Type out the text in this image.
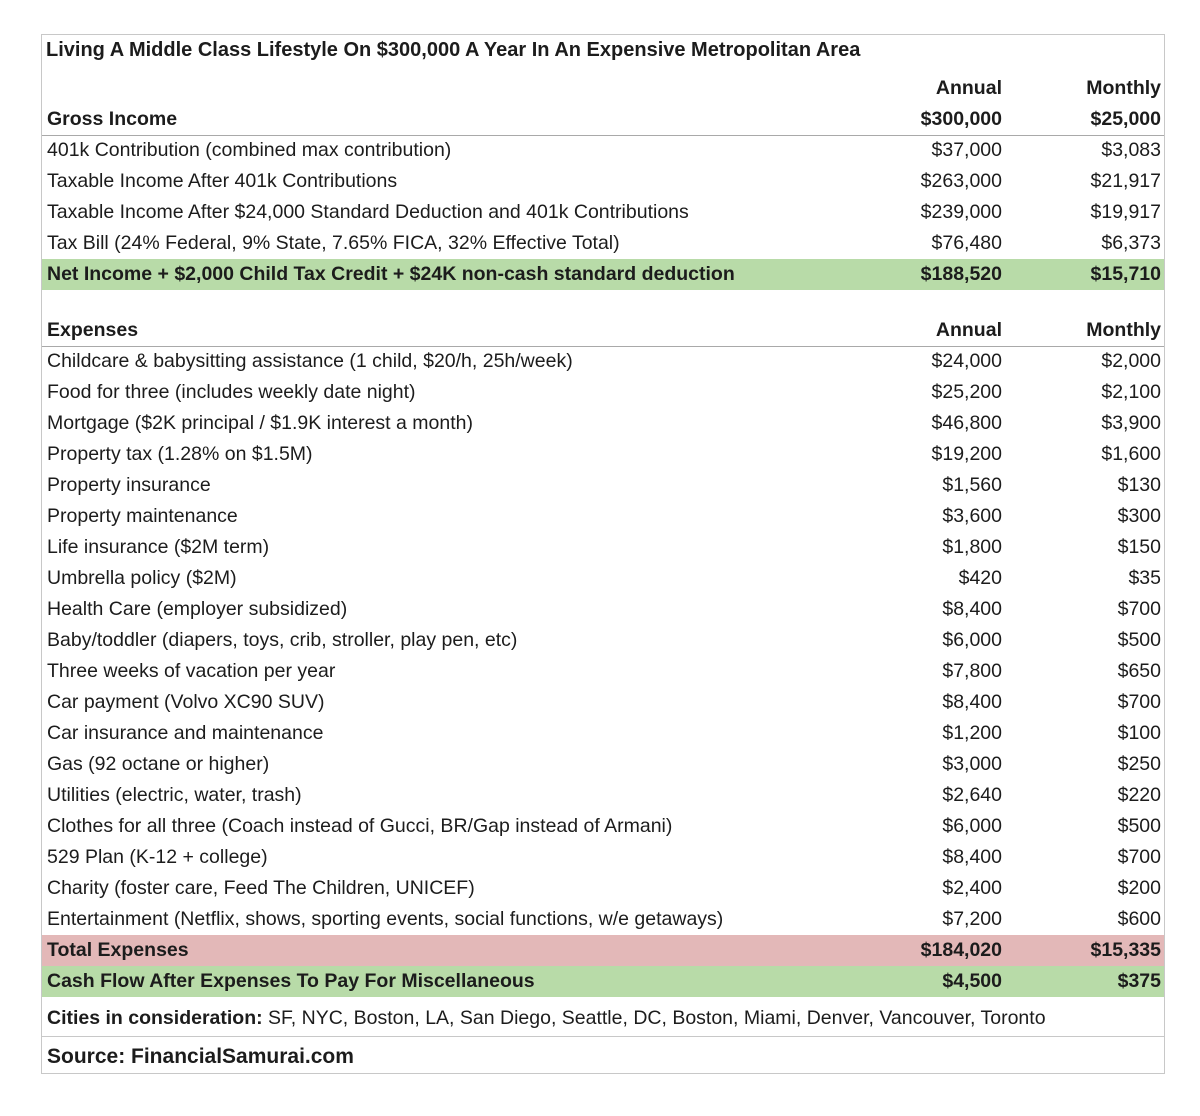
Living A Middle Class Lifestyle On $300,000 A Year In An Expensive Metropolitan Area
Annual	Monthly
Gross Income	$300,000	$25,000
401k Contribution (combined max contribution)	$37,000	$3,083
Taxable Income After 401k Contributions	$263,000	$21,917
Taxable Income After $24,000 Standard Deduction and 401k Contributions	$239,000	$19,917
Tax Bill (24% Federal, 9% State, 7.65% FICA, 32% Effective Total)	$76,480	$6,373
Net Income + $2,000 Child Tax Credit + $24K non-cash standard deduction	$188,520	$15,710
Expenses	Annual	Monthly
Childcare & babysitting assistance (1 child, $20/h, 25h/week)	$24,000	$2,000
Food for three (includes weekly date night)	$25,200	$2,100
Mortgage ($2K principal / $1.9K interest a month)	$46,800	$3,900
Property tax (1.28% on $1.5M)	$19,200	$1,600
Property insurance	$1,560	$130
Property maintenance	$3,600	$300
Life insurance ($2M term)	$1,800	$150
Umbrella policy ($2M)	$420	$35
Health Care (employer subsidized)	$8,400	$700
Baby/toddler (diapers, toys, crib, stroller, play pen, etc)	$6,000	$500
Three weeks of vacation per year	$7,800	$650
Car payment (Volvo XC90 SUV)	$8,400	$700
Car insurance and maintenance	$1,200	$100
Gas (92 octane or higher)	$3,000	$250
Utilities (electric, water, trash)	$2,640	$220
Clothes for all three (Coach instead of Gucci, BR/Gap instead of Armani)	$6,000	$500
529 Plan (K-12 + college)	$8,400	$700
Charity (foster care, Feed The Children, UNICEF)	$2,400	$200
Entertainment (Netflix, shows, sporting events, social functions, w/e getaways)	$7,200	$600
Total Expenses	$184,020	$15,335
Cash Flow After Expenses To Pay For Miscellaneous	$4,500	$375
Cities in consideration: SF, NYC, Boston, LA, San Diego, Seattle, DC, Boston, Miami, Denver, Vancouver, Toronto
Source: FinancialSamurai.com
